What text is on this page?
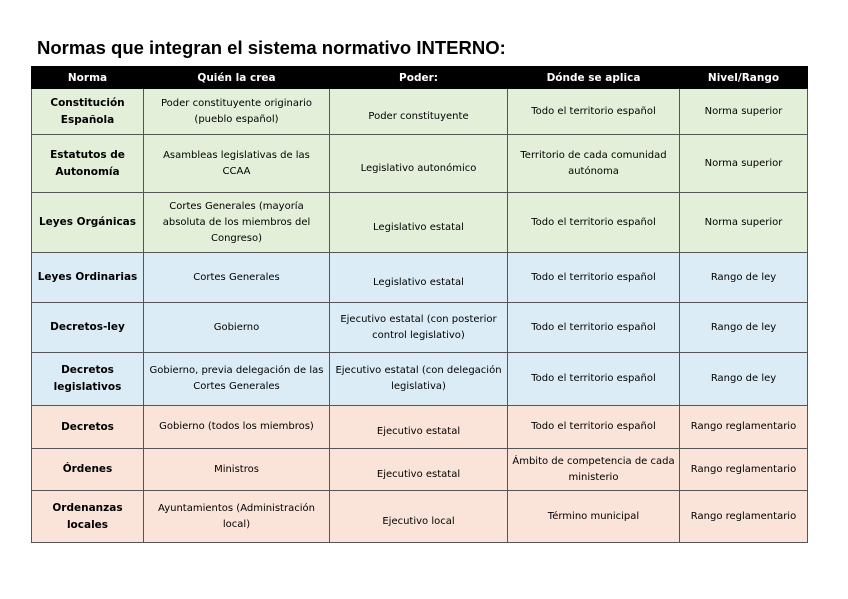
Normas que integran el sistema normativo INTERNO:
Norma	Quién la crea	Poder:	Dónde se aplica	Nivel/Rango
Constitución Española	Poder constituyente originario (pueblo español)	Poder constituyente	Todo el territorio español	Norma superior
Estatutos de Autonomía	Asambleas legislativas de las CCAA	Legislativo autonómico	Territorio de cada comunidad autónoma	Norma superior
Leyes Orgánicas	Cortes Generales (mayoría absoluta de los miembros del Congreso)	Legislativo estatal	Todo el territorio español	Norma superior
Leyes Ordinarias	Cortes Generales	Legislativo estatal	Todo el territorio español	Rango de ley
Decretos-ley	Gobierno	Ejecutivo estatal (con posterior control legislativo)	Todo el territorio español	Rango de ley
Decretos legislativos	Gobierno, previa delegación de las Cortes Generales	Ejecutivo estatal (con delegación legislativa)	Todo el territorio español	Rango de ley
Decretos	Gobierno (todos los miembros)	Ejecutivo estatal	Todo el territorio español	Rango reglamentario
Órdenes	Ministros	Ejecutivo estatal	Ámbito de competencia de cada ministerio	Rango reglamentario
Ordenanzas locales	Ayuntamientos (Administración local)	Ejecutivo local	Término municipal	Rango reglamentario
